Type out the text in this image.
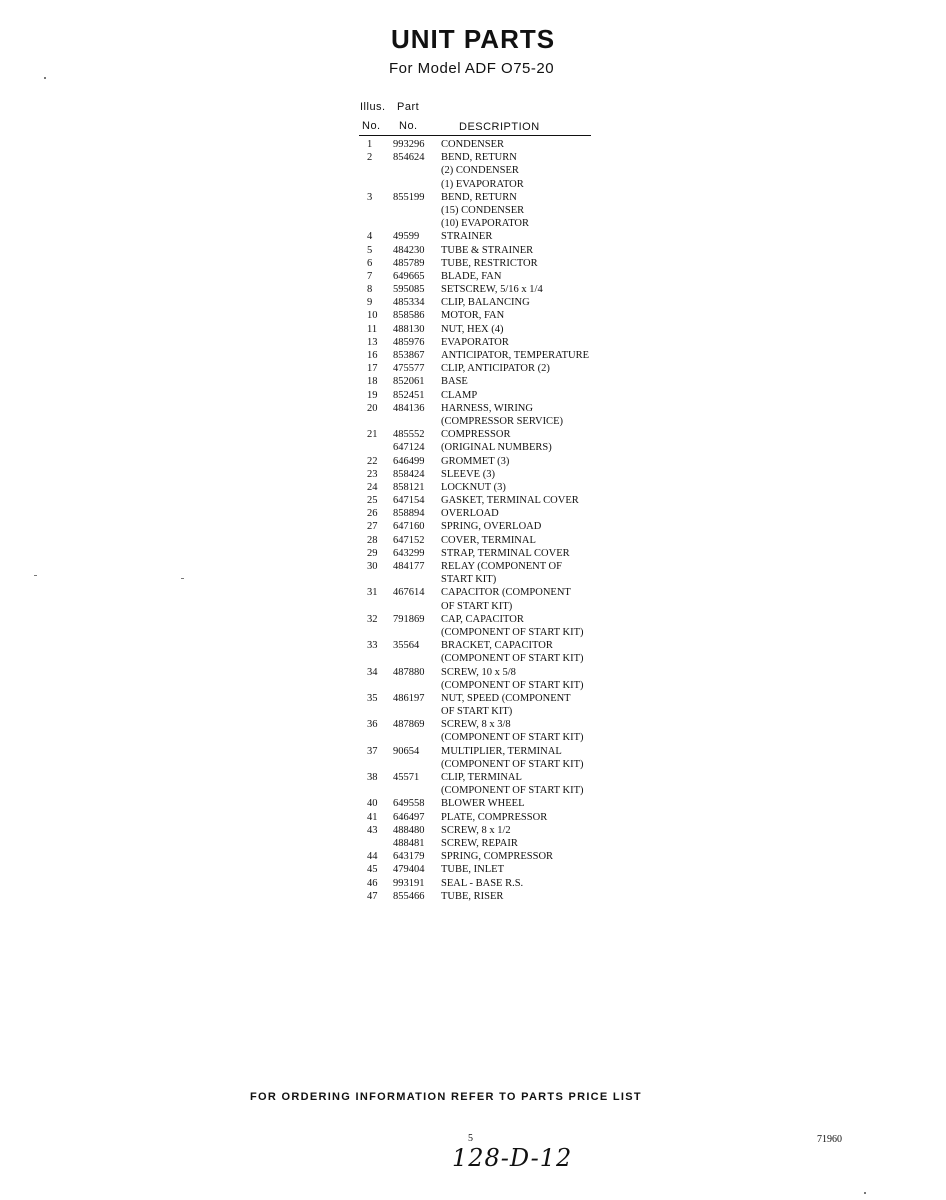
UNIT PARTS
For Model ADF O75-20
Illus. Part
No. No.	DESCRIPTION
1 993296 CONDENSER
2 854624 BEND, RETURN
(2) CONDENSER
(1) EVAPORATOR
3 855199 BEND, RETURN
(15) CONDENSER
(10) EVAPORATOR
4 49599 STRAINER
5 484230 TUBE & STRAINER
6 485789 TUBE, RESTRICTOR
7 649665 BLADE, FAN
8 595085 SETSCREW, 5/16 x 1/4
9 485334 CLIP, BALANCING
10 858586 MOTOR, FAN
11 488130 NUT, HEX (4)
13 485976 EVAPORATOR
16 853867 ANTICIPATOR, TEMPERATURE
17 475577 CLIP, ANTICIPATOR (2)
18 852061 BASE
19 852451 CLAMP
20 484136 HARNESS, WIRING
(COMPRESSOR SERVICE)
21 485552 COMPRESSOR
647124 (ORIGINAL NUMBERS)
22 646499 GROMMET (3)
23 858424 SLEEVE (3)
24 858121 LOCKNUT (3)
25 647154 GASKET, TERMINAL COVER
26 858894 OVERLOAD
27 647160 SPRING, OVERLOAD
28 647152 COVER, TERMINAL
29 643299 STRAP, TERMINAL COVER
30 484177 RELAY (COMPONENT OF
START KIT)
31 467614 CAPACITOR (COMPONENT
OF START KIT)
32 791869 CAP, CAPACITOR
(COMPONENT OF START KIT)
33 35564 BRACKET, CAPACITOR
(COMPONENT OF START KIT)
34 487880 SCREW, 10 x 5/8
(COMPONENT OF START KIT)
35 486197 NUT, SPEED (COMPONENT
OF START KIT)
36 487869 SCREW, 8 x 3/8
(COMPONENT OF START KIT)
37 90654 MULTIPLIER, TERMINAL
(COMPONENT OF START KIT)
38 45571 CLIP, TERMINAL
(COMPONENT OF START KIT)
40 649558 BLOWER WHEEL
41 646497 PLATE, COMPRESSOR
43 488480 SCREW, 8 x 1/2
488481 SCREW, REPAIR
44 643179 SPRING, COMPRESSOR
45 479404 TUBE, INLET
46 993191 SEAL - BASE R.S.
47 855466 TUBE, RISER
FOR ORDERING INFORMATION REFER TO PARTS PRICE LIST
5	71960
128-D-12
